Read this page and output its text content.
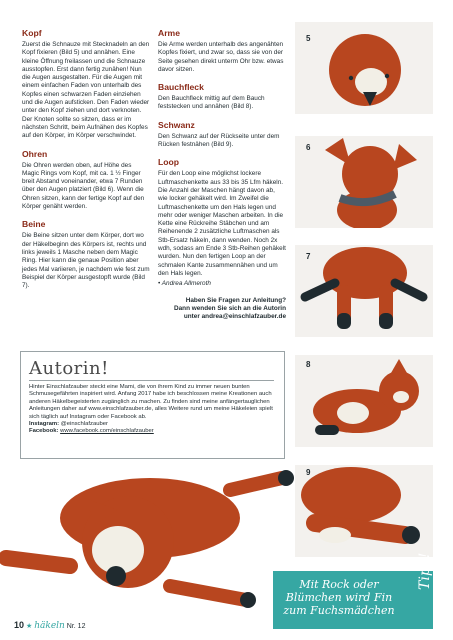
Kopf

Zuerst die Schnauze mit Stecknadeln an den Kopf fixieren (Bild 5) und annähen. Eine kleine Öffnung freilassen und die Schnauze ausstopfen. Erst dann fertig zunähen! Nun die Augen ausgestalten. Für die Augen mit einem einfachen Faden von unterhalb des Kopfes einen schwarzen Faden einziehen und die Augen aufsticken. Den Faden wieder unter den Kopf ziehen und dort verknoten. Der Knoten sollte so sitzen, dass er im nächsten Schritt, beim Aufnähen des Kopfes auf den Körper, im Körper verschwindet.

Ohren

Die Ohren werden oben, auf Höhe des Magic Rings vom Kopf, mit ca. 1 ½ Finger breit Abstand voneinander, etwa 7 Runden über den Augen platziert (Bild 6). Wenn die Ohren sitzen, kann der fertige Kopf auf den Körper genäht werden.

Beine

Die Beine sitzen unter dem Körper, dort wo der Häkelbeginn des Körpers ist, rechts und links jeweils 1 Masche neben dem Magic Ring. Hier kann die genaue Position aber jedes Mal variieren, je nachdem wie fest zum Beispiel der Körper ausgestopft wurde (Bild 7).

Arme

Die Arme werden unterhalb des angenähten Kopfes fixiert, und zwar so, dass sie von der Seite gesehen direkt unterm Ohr bzw. etwas davor sitzen.

Bauchfleck

Den Bauchfleck mittig auf dem Bauch feststecken und annähen (Bild 8).

Schwanz

Den Schwanz auf der Rückseite unter dem Rücken festnähen (Bild 9).

Loop

Für den Loop eine möglichst lockere Luftmaschenkette aus 33 bis 35 Lfm häkeln. Die Anzahl der Maschen hängt davon ab, wie locker gehäkelt wird. Im Zweifel die Luftmaschenkette um den Hals legen und mehr oder weniger Maschen arbeiten. In die Kette eine Rückreihe Stäbchen und am Reihenende 2 zusätzliche Luftmaschen als Stb-Ersatz häkeln, dann wenden. Noch 2x wdh, sodass am Ende 3 Stb-Reihen gehäkelt wurden. Nun den fertigen Loop an der schmalen Kante zusammennähen und um den Hals legen.

• Andrea Allmeroth
Haben Sie Fragen zur Anleitung?
Dann wenden Sie sich an die Autorin
unter andrea@einschlafzauber.de
5
6
7
8
9
Autorin!
Hinter Einschlafzauber steckt eine Mami, die von ihrem Kind zu immer neuen bunten Schmusegefährten inspiriert wird. Anfang 2017 habe ich beschlossen meine Kreationen auch anderen Häkelbegeisterten zugänglich zu machen. Zu finden sind meine anfängertauglichen Anleitungen daher auf www.einschlafzauber.de, alles Weitere rund um meine Häkeleien spielt sich täglich auf Instagram oder Facebook ab.
Instagram: @einschlafzauber
Facebook: www.facebook.com/einschlafzauber
Mit Rock oder Blümchen wird Fin zum Fuchsmädchen
Tipp!
10 ★ häkeln Nr. 12
